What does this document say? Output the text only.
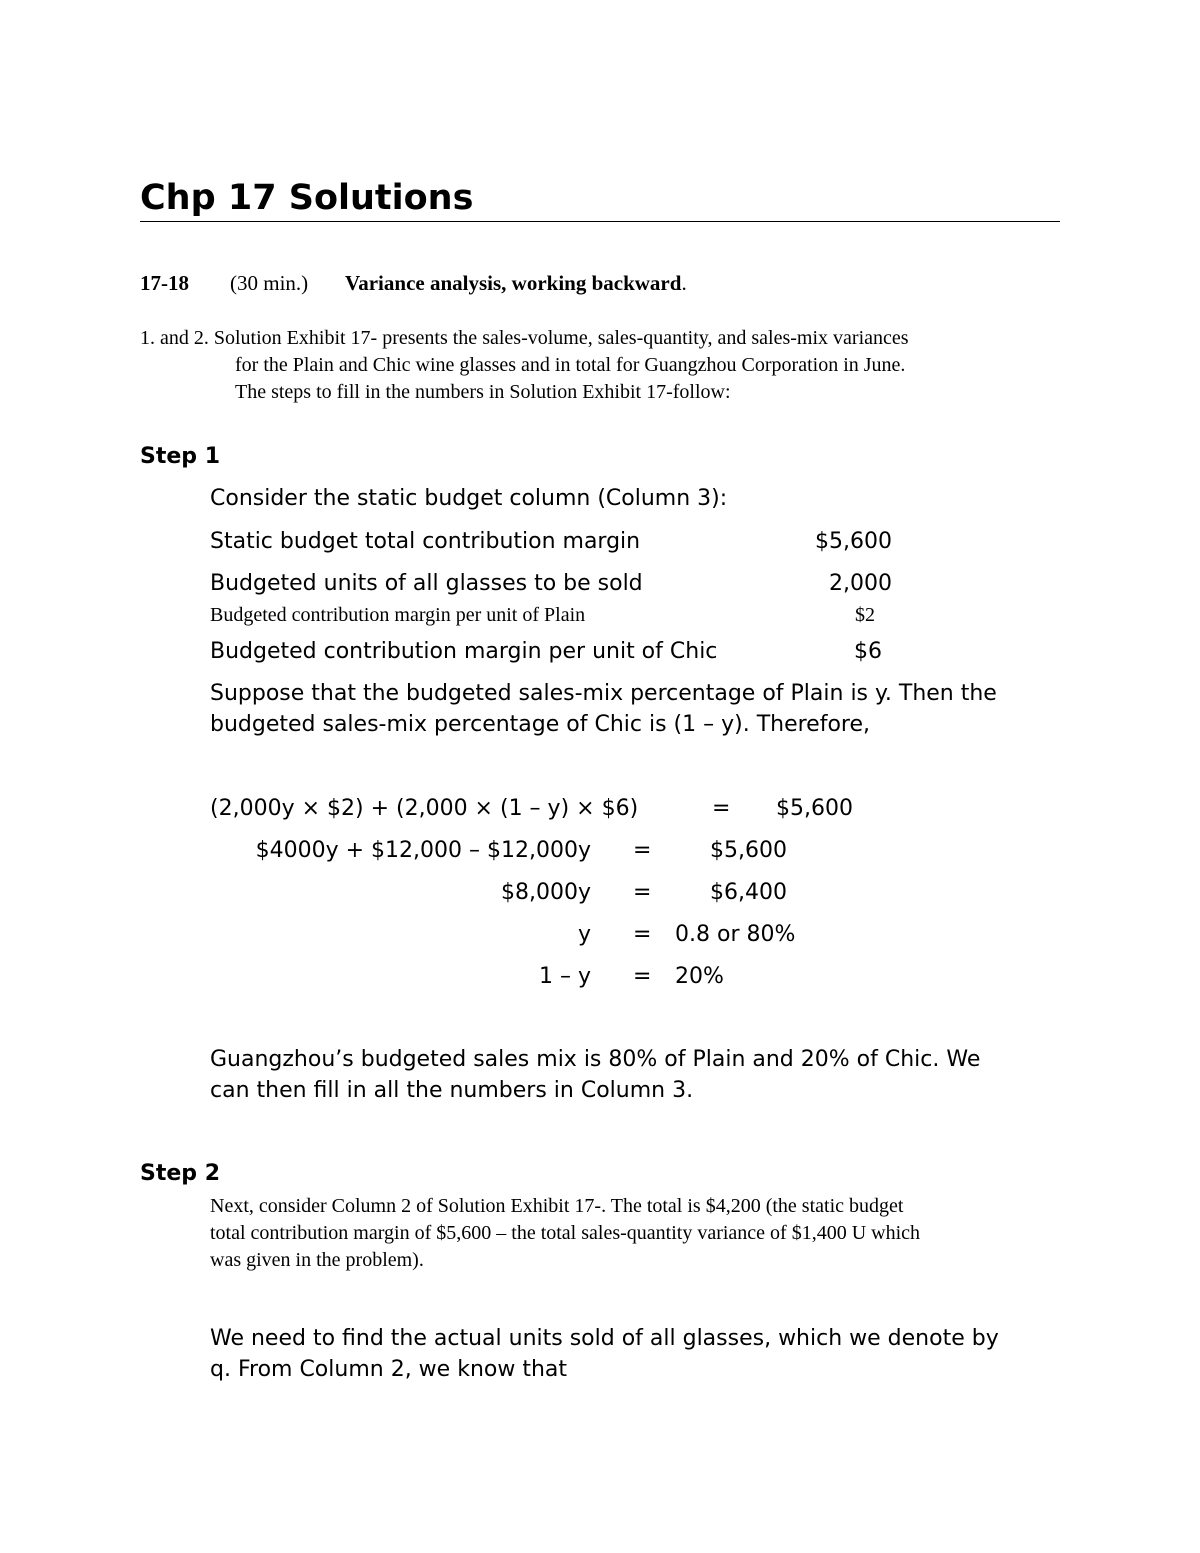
Chp 17 Solutions
17-18 (30 min.) Variance analysis, working backward.
1. and 2. Solution Exhibit 17- presents the sales-volume, sales-quantity, and sales-mix variances
for the Plain and Chic wine glasses and in total for Guangzhou Corporation in June.
The steps to fill in the numbers in Solution Exhibit 17-follow:
Step 1
Consider the static budget column (Column 3):
Static budget total contribution margin	$5,600
Budgeted units of all glasses to be sold	2,000
Budgeted contribution margin per unit of Plain	$2
Budgeted contribution margin per unit of Chic	$6
Suppose that the budgeted sales-mix percentage of Plain is y. Then the
budgeted sales-mix percentage of Chic is (1 – y). Therefore,
(2,000y × $2) + (2,000 × (1 – y) × $6)	= $5,600
$4000y + $12,000 – $12,000y =	$5,600
$8,000y =	$6,400
y = 0.8 or 80%
1 – y = 20%
Guangzhou’s budgeted sales mix is 80% of Plain and 20% of Chic. We
can then fill in all the numbers in Column 3.
Step 2
Next, consider Column 2 of Solution Exhibit 17-. The total is $4,200 (the static budget
total contribution margin of $5,600 – the total sales-quantity variance of $1,400 U which
was given in the problem).
We need to find the actual units sold of all glasses, which we denote by
q. From Column 2, we know that
